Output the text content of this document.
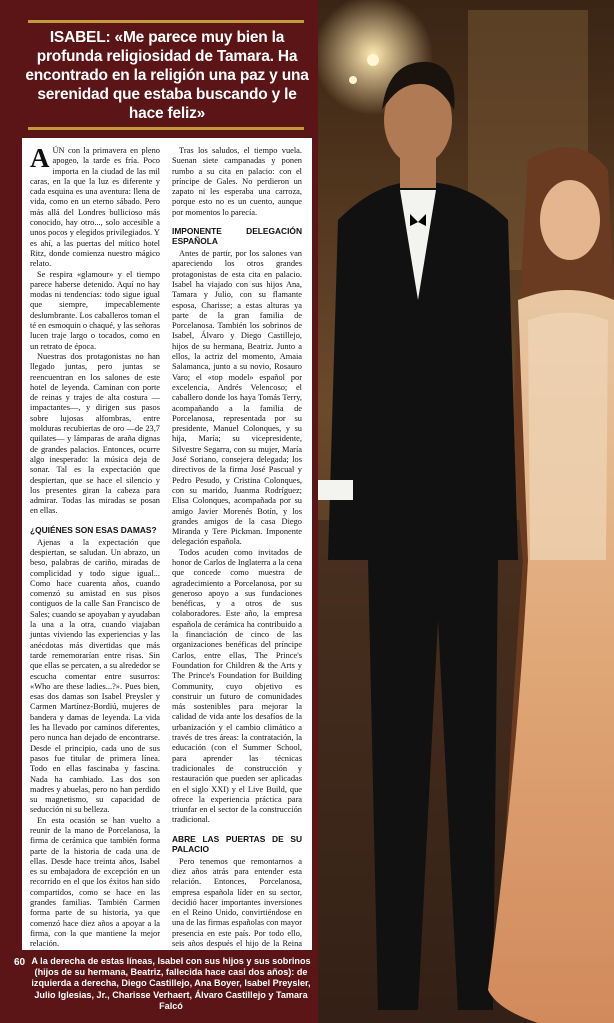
ISABEL: «Me parece muy bien la profunda religiosidad de Tamara. Ha encontrado en la religión una paz y una serenidad que estaba buscando y le hace feliz»

AÚN con la primavera en pleno apogeo, la tarde es fría. Poco importa en la ciudad de las mil caras, en la que la luz es diferente y cada esquina es una aventura: llena de vida, como en un eterno sábado. Pero más allá del Londres bullicioso más conocido, hay otro..., solo accesible a unos pocos y elegidos privilegiados. Y es ahí, a las puertas del mítico hotel Ritz, donde comienza nuestro mágico relato.

Se respira «glamour» y el tiempo parece haberse detenido. Aquí no hay modas ni tendencias: todo sigue igual que siempre, impecablemente deslumbrante. Los caballeros toman el té en esmoquin o chaqué, y las señoras lucen traje largo o tocados, como en un retrato de época.

Nuestras dos protagonistas no han llegado juntas, pero juntas se reencuentran en los salones de este hotel de leyenda. Caminan con porte de reinas y trajes de alta costura —impactantes—, y dirigen sus pasos sobre lujosas alfombras, entre molduras recubiertas de oro —de 23,7 quilates— y lámparas de araña dignas de grandes palacios. Entonces, ocurre algo inesperado: la música deja de sonar. Tal es la expectación que despiertan, que se hace el silencio y los presentes giran la cabeza para admirar. Todas las miradas se posan en ellas.

¿QUIÉNES SON ESAS DAMAS?

Ajenas a la expectación que despiertan, se saludan. Un abrazo, un beso, palabras de cariño, miradas de complicidad y todo sigue igual... Como hace cuarenta años, cuando comenzó su amistad en sus pisos contiguos de la calle San Francisco de Sales; cuando se apoyaban y ayudaban la una a la otra, cuando viajaban juntas viviendo las experiencias y las anécdotas más divertidas que más tarde rememorarían entre risas. Sin que ellas se percaten, a su alrededor se escucha comentar entre susurros: «Who are these ladies...?». Pues bien, esas dos damas son Isabel Preysler y Carmen Martínez-Bordiú, mujeres de bandera y damas de leyenda. La vida les ha llevado por caminos diferentes, pero nunca han dejado de encontrarse. Desde el principio, cada uno de sus pasos fue titular de primera línea. Todo en ellas fascinaba y fascina. Nada ha cambiado. Las dos son madres y abuelas, pero no han perdido su magnetismo, su capacidad de seducción ni su belleza.

En esta ocasión se han vuelto a reunir de la mano de Porcelanosa, la firma de cerámica que también forma parte de la historia de cada una de ellas. Desde hace treinta años, Isabel es su embajadora de excepción en un recorrido en el que los éxitos han sido compartidos, como se hace en las grandes familias. También Carmen forma parte de su historia, ya que comenzó hace diez años a apoyar a la firma, con la que mantiene la mejor relación.

Tras los saludos, el tiempo vuela. Suenan siete campanadas y ponen rumbo a su cita en palacio: con el príncipe de Gales. No perdieron un zapato ni les esperaba una carroza, porque esto no es un cuento, aunque por momentos lo parecía.

IMPONENTE DELEGACIÓN ESPAÑOLA

Antes de partir, por los salones van apareciendo los otros grandes protagonistas de esta cita en palacio. Isabel ha viajado con sus hijos Ana, Tamara y Julio, con su flamante esposa, Charisse; a estas alturas ya parte de la gran familia de Porcelanosa. También los sobrinos de Isabel, Álvaro y Diego Castillejo, hijos de su hermana, Beatriz. Junto a ellos, la actriz del momento, Amaia Salamanca, junto a su novio, Rosauro Varo; el «top model» español por excelencia, Andrés Velencoso; el caballero donde los haya Tomás Terry, acompañando a la familia de Porcelanosa, representada por su presidente, Manuel Colonques, y su hija, María; su vicepresidente, Silvestre Segarra, con su mujer, María José Soriano, consejera delegada; los directivos de la firma José Pascual y Pedro Pesudo, y Cristina Colonques, con su marido, Juanma Rodríguez; Elisa Colonques, acompañada por su amigo Javier Morenés Botín, y los grandes amigos de la casa Diego Miranda y Tere Pickman. Imponente delegación española.

Todos acuden como invitados de honor de Carlos de Inglaterra a la cena que concede como muestra de agradecimiento a Porcelanosa, por su generoso apoyo a sus fundaciones benéficas, y a otros de sus colaboradores. Este año, la empresa española de cerámica ha contribuido a la financiación de cinco de las organizaciones benéficas del príncipe Carlos, entre ellas, The Prince's Foundation for Children & the Arts y The Prince's Foundation for Building Community, cuyo objetivo es construir un futuro de comunidades más sostenibles para mejorar la calidad de vida ante los desafíos de la urbanización y el cambio climático a través de tres áreas: la contratación, la educación (con el Summer School, para aprender las técnicas tradicionales de construcción y restauración que pueden ser aplicadas en el siglo XXI) y el Live Build, que ofrece la experiencia práctica para triunfar en el sector de la construcción tradicional.

ABRE LAS PUERTAS DE SU PALACIO

Pero tenemos que remontarnos a diez años atrás para entender esta relación. Entonces, Porcelanosa, empresa española líder en su sector, decidió hacer importantes inversiones en el Reino Unido, convirtiéndose en una de las firmas españolas con mayor presencia en este país. Por todo ello, seis años después el hijo de la Reina

60 A la derecha de estas líneas, Isabel con sus hijos y sus sobrinos (hijos de su hermana, Beatriz, fallecida hace casi dos años): de izquierda a derecha, Diego Castillejo, Ana Boyer, Isabel Preysler, Julio Iglesias, Jr., Charisse Verhaert, Álvaro Castillejo y Tamara Falcó
